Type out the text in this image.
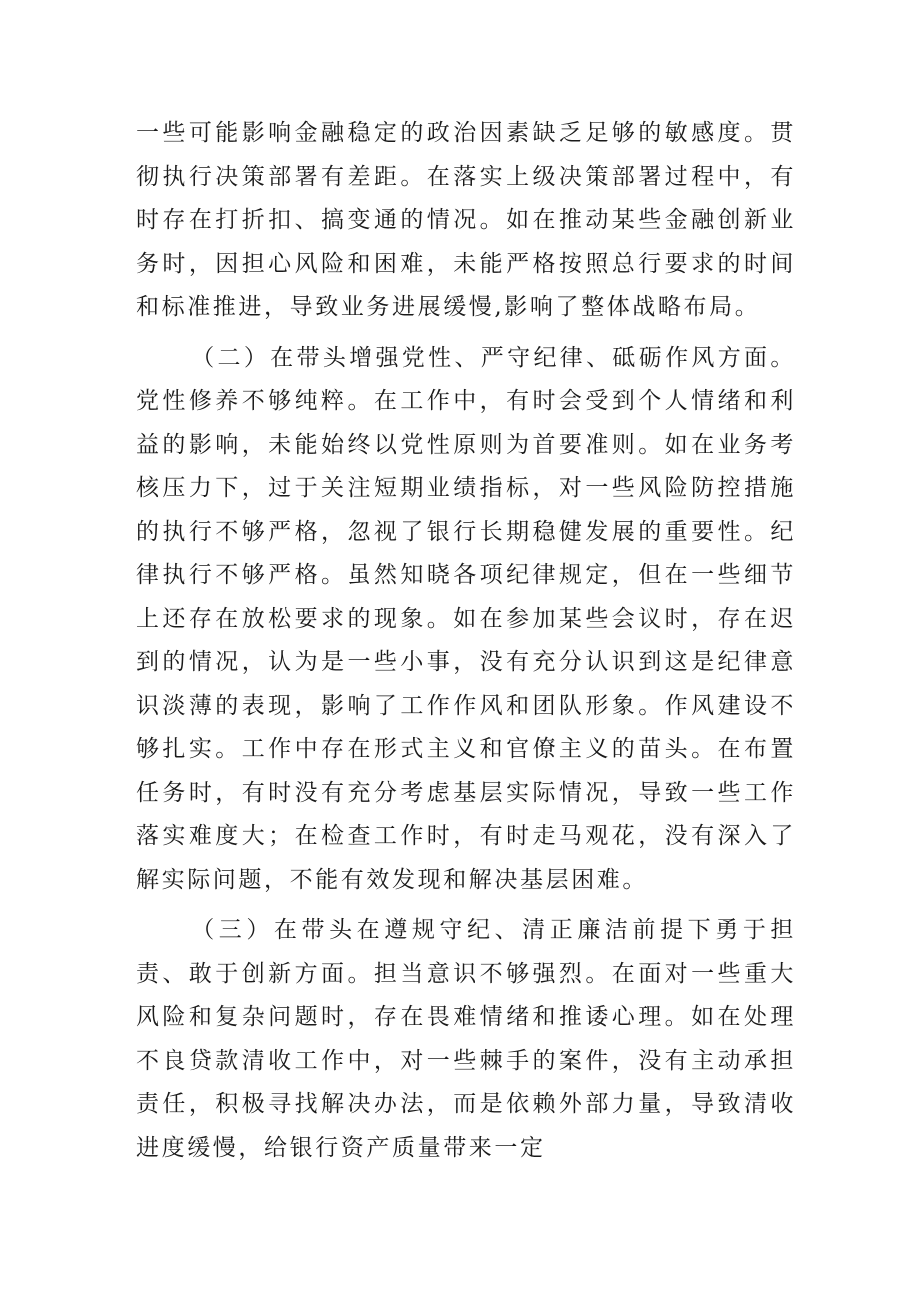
一些可能影响金融稳定的政治因素缺乏足够的敏感度。贯彻执行决策部署有差距。在落实上级决策部署过程中，有时存在打折扣、搞变通的情况。如在推动某些金融创新业务时，因担心风险和困难，未能严格按照总行要求的时间和标准推进，导致业务进展缓慢,影响了整体战略布局。

（二）在带头增强党性、严守纪律、砥砺作风方面。党性修养不够纯粹。在工作中，有时会受到个人情绪和利益的影响，未能始终以党性原则为首要准则。如在业务考核压力下，过于关注短期业绩指标，对一些风险防控措施的执行不够严格，忽视了银行长期稳健发展的重要性。纪律执行不够严格。虽然知晓各项纪律规定，但在一些细节上还存在放松要求的现象。如在参加某些会议时，存在迟到的情况，认为是一些小事，没有充分认识到这是纪律意识淡薄的表现，影响了工作作风和团队形象。作风建设不够扎实。工作中存在形式主义和官僚主义的苗头。在布置任务时，有时没有充分考虑基层实际情况，导致一些工作落实难度大；在检查工作时，有时走马观花，没有深入了解实际问题，不能有效发现和解决基层困难。

（三）在带头在遵规守纪、清正廉洁前提下勇于担责、敢于创新方面。担当意识不够强烈。在面对一些重大风险和复杂问题时，存在畏难情绪和推诿心理。如在处理不良贷款清收工作中，对一些棘手的案件，没有主动承担责任，积极寻找解决办法，而是依赖外部力量，导致清收进度缓慢，给银行资产质量带来一定
